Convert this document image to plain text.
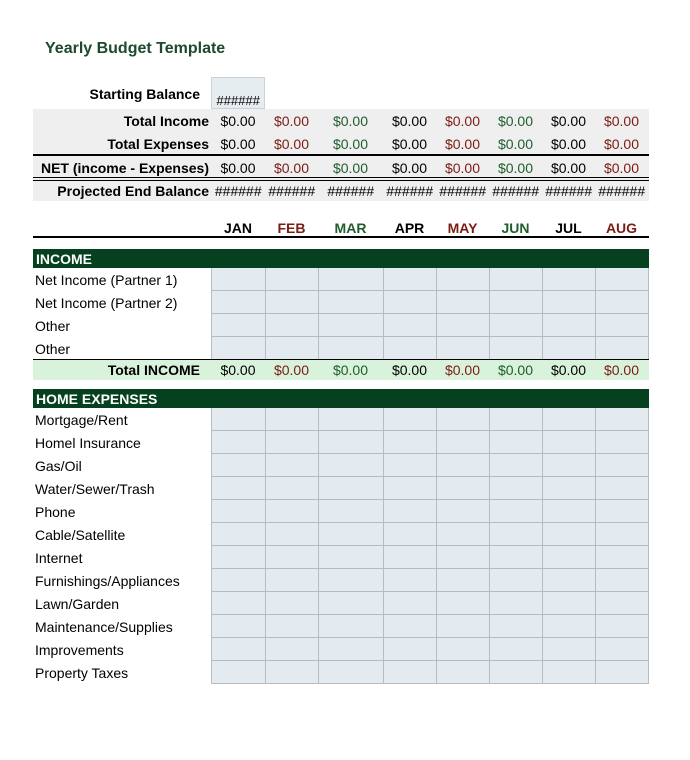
Yearly Budget Template
Starting Balance	######
Total Income $0.00	$0.00	$0.00	$0.00	$0.00	$0.00	$0.00	$0.00
Total Expenses $0.00	$0.00	$0.00	$0.00	$0.00	$0.00	$0.00	$0.00
NET (income - Expenses) $0.00	$0.00	$0.00	$0.00	$0.00	$0.00	$0.00	$0.00
Projected End Balance ###### ###### ###### ###### ###### ###### ###### ######
JAN	FEB	MAR	APR	MAY	JUN	JUL	AUG
INCOME
Net Income (Partner 1)
Net Income (Partner 2)
Other
Other
Total INCOME	$0.00	$0.00	$0.00	$0.00	$0.00	$0.00	$0.00	$0.00
HOME EXPENSES
Mortgage/Rent
Homel Insurance
Gas/Oil
Water/Sewer/Trash
Phone
Cable/Satellite
Internet
Furnishings/Appliances
Lawn/Garden
Maintenance/Supplies
Improvements
Property Taxes
